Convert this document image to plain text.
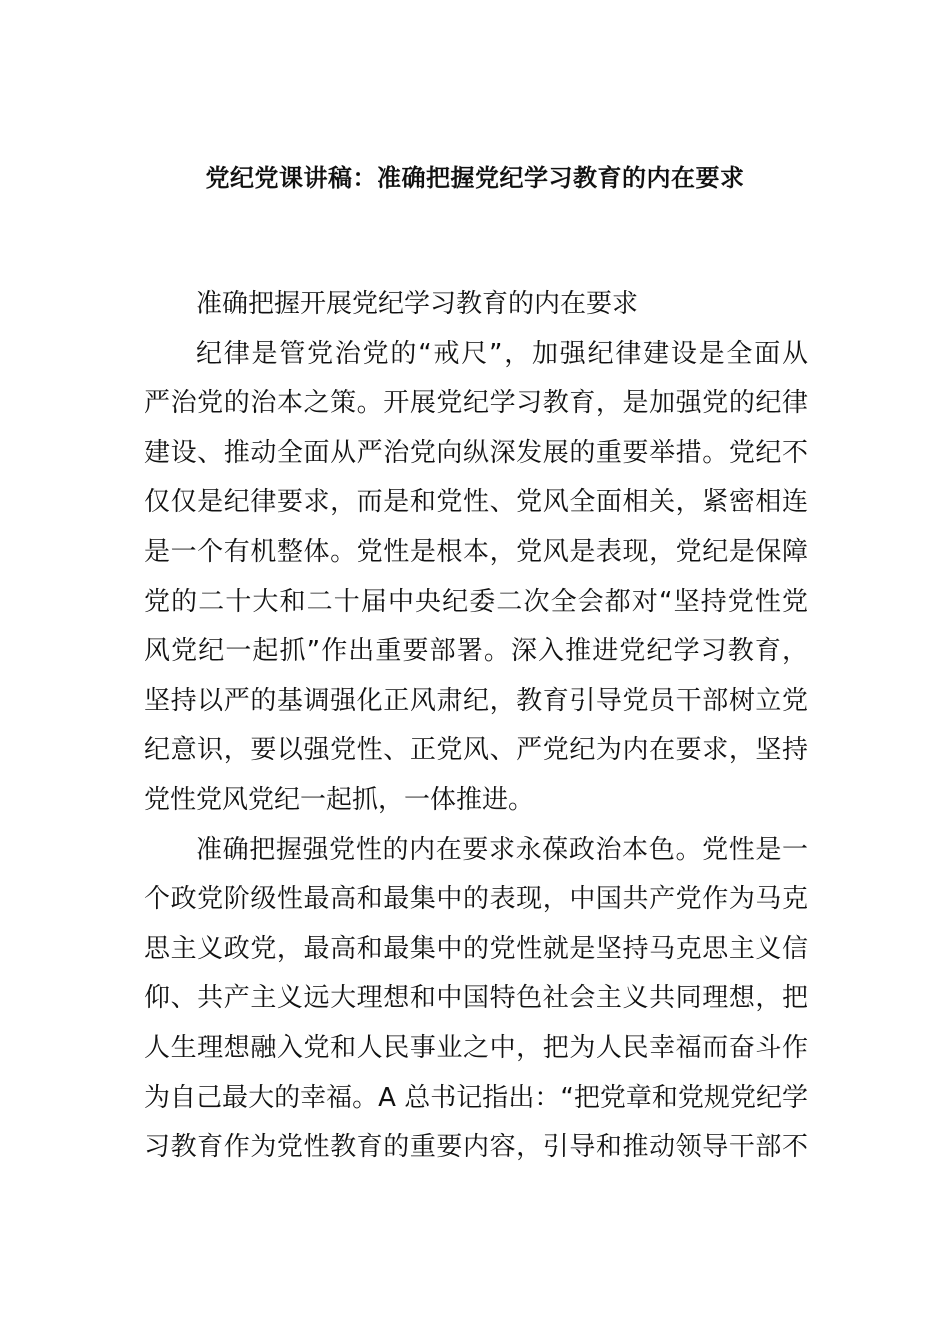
党纪党课讲稿：准确把握党纪学习教育的内在要求
准确把握开展党纪学习教育的内在要求
纪律是管党治党的“戒尺”，加强纪律建设是全面从
严治党的治本之策。开展党纪学习教育，是加强党的纪律
建设、推动全面从严治党向纵深发展的重要举措。党纪不
仅仅是纪律要求，而是和党性、党风全面相关，紧密相连
是一个有机整体。党性是根本，党风是表现，党纪是保障
党的二十大和二十届中央纪委二次全会都对“坚持党性党
风党纪一起抓”作出重要部署。深入推进党纪学习教育，
坚持以严的基调强化正风肃纪，教育引导党员干部树立党
纪意识，要以强党性、正党风、严党纪为内在要求，坚持
党性党风党纪一起抓，一体推进。
准确把握强党性的内在要求永葆政治本色。党性是一
个政党阶级性最高和最集中的表现，中国共产党作为马克
思主义政党，最高和最集中的党性就是坚持马克思主义信
仰、共产主义远大理想和中国特色社会主义共同理想，把
人生理想融入党和人民事业之中，把为人民幸福而奋斗作
为自己最大的幸福。A 总书记指出：“把党章和党规党纪学
习教育作为党性教育的重要内容，引导和推动领导干部不
